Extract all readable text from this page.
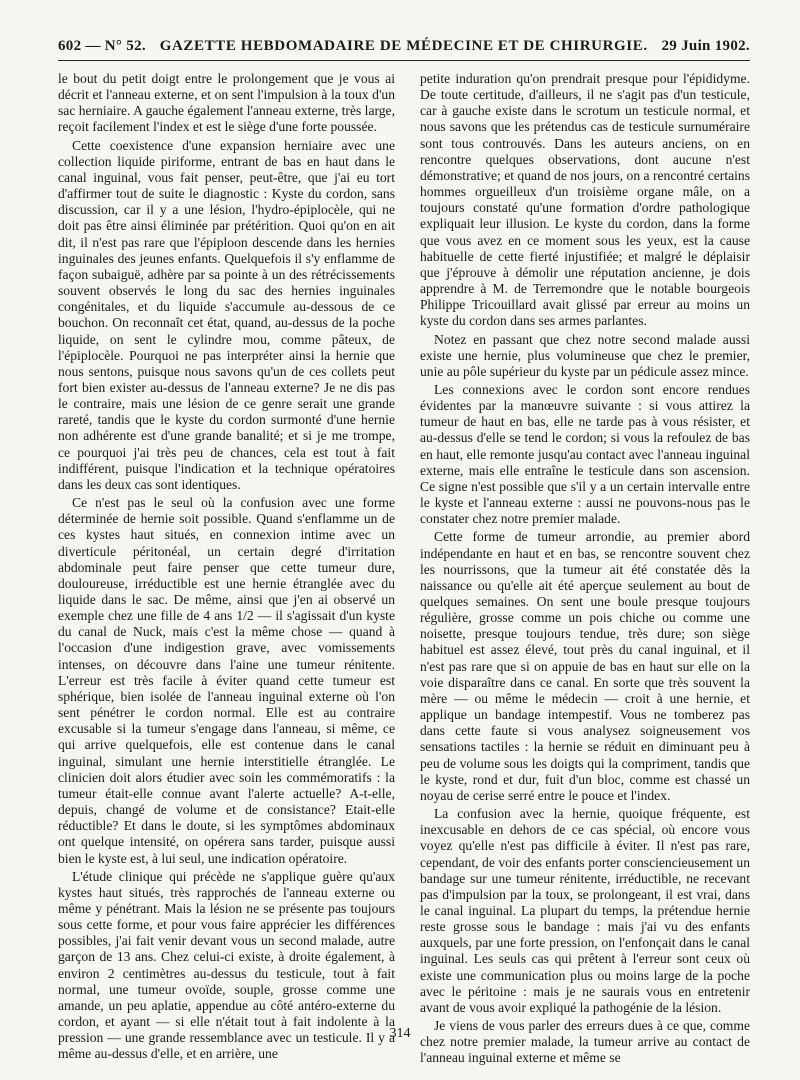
602 — N° 52. GAZETTE HEBDOMADAIRE DE MÉDECINE ET DE CHIRURGIE. 29 Juin 1902.

le bout du petit doigt entre le prolongement que je vous ai décrit et l'anneau externe, et on sent l'impulsion à la toux d'un sac herniaire. A gauche également l'anneau externe, très large, reçoit facilement l'index et est le siège d'une forte poussée.

Cette coexistence d'une expansion herniaire avec une collection liquide piriforme, entrant de bas en haut dans le canal inguinal, vous fait penser, peut-être, que j'ai eu tort d'affirmer tout de suite le diagnostic : Kyste du cordon, sans discussion, car il y a une lésion, l'hydro-épiplocèle, qui ne doit pas être ainsi éliminée par prétérition. Quoi qu'on en ait dit, il n'est pas rare que l'épiploon descende dans les hernies inguinales des jeunes enfants. Quelquefois il s'y enflamme de façon subaiguë, adhère par sa pointe à un des rétrécissements souvent observés le long du sac des hernies inguinales congénitales, et du liquide s'accumule au-dessous de ce bouchon. On reconnaît cet état, quand, au-dessus de la poche liquide, on sent le cylindre mou, comme pâteux, de l'épiplocèle. Pourquoi ne pas interpréter ainsi la hernie que nous sentons, puisque nous savons qu'un de ces collets peut fort bien exister au-dessus de l'anneau externe? Je ne dis pas le contraire, mais une lésion de ce genre serait une grande rareté, tandis que le kyste du cordon surmonté d'une hernie non adhérente est d'une grande banalité; et si je me trompe, ce pourquoi j'ai très peu de chances, cela est tout à fait indifférent, puisque l'indication et la technique opératoires dans les deux cas sont identiques.

Ce n'est pas le seul où la confusion avec une forme déterminée de hernie soit possible. Quand s'enflamme un de ces kystes haut situés, en connexion intime avec un diverticule péritonéal, un certain degré d'irritation abdominale peut faire penser que cette tumeur dure, douloureuse, irréductible est une hernie étranglée avec du liquide dans le sac. De même, ainsi que j'en ai observé un exemple chez une fille de 4 ans 1/2 — il s'agissait d'un kyste du canal de Nuck, mais c'est la même chose — quand à l'occasion d'une indigestion grave, avec vomissements intenses, on découvre dans l'aine une tumeur rénitente. L'erreur est très facile à éviter quand cette tumeur est sphérique, bien isolée de l'anneau inguinal externe où l'on sent pénétrer le cordon normal. Elle est au contraire excusable si la tumeur s'engage dans l'anneau, si même, ce qui arrive quelquefois, elle est contenue dans le canal inguinal, simulant une hernie interstitielle étranglée. Le clinicien doit alors étudier avec soin les commémoratifs : la tumeur était-elle connue avant l'alerte actuelle? A-t-elle, depuis, changé de volume et de consistance? Etait-elle réductible? Et dans le doute, si les symptômes abdominaux ont quelque intensité, on opérera sans tarder, puisque aussi bien le kyste est, à lui seul, une indication opératoire.

L'étude clinique qui précède ne s'applique guère qu'aux kystes haut situés, très rapprochés de l'anneau externe ou même y pénétrant. Mais la lésion ne se présente pas toujours sous cette forme, et pour vous faire apprécier les différences possibles, j'ai fait venir devant vous un second malade, autre garçon de 13 ans. Chez celui-ci existe, à droite également, à environ 2 centimètres au-dessus du testicule, tout à fait normal, une tumeur ovoïde, souple, grosse comme une amande, un peu aplatie, appendue au côté antéro-externe du cordon, et ayant — si elle n'était tout à fait indolente à la pression — une grande ressemblance avec un testicule. Il y a même au-dessus d'elle, et en arrière, une

petite induration qu'on prendrait presque pour l'épididyme. De toute certitude, d'ailleurs, il ne s'agit pas d'un testicule, car à gauche existe dans le scrotum un testicule normal, et nous savons que les prétendus cas de testicule surnuméraire sont tous controuvés. Dans les auteurs anciens, on en rencontre quelques observations, dont aucune n'est démonstrative; et quand de nos jours, on a rencontré certains hommes orgueilleux d'un troisième organe mâle, on a toujours constaté qu'une formation d'ordre pathologique expliquait leur illusion. Le kyste du cordon, dans la forme que vous avez en ce moment sous les yeux, est la cause habituelle de cette fierté injustifiée; et malgré le déplaisir que j'éprouve à démolir une réputation ancienne, je dois apprendre à M. de Terremondre que le notable bourgeois Philippe Tricouillard avait glissé par erreur au moins un kyste du cordon dans ses armes parlantes.

Notez en passant que chez notre second malade aussi existe une hernie, plus volumineuse que chez le premier, unie au pôle supérieur du kyste par un pédicule assez mince.

Les connexions avec le cordon sont encore rendues évidentes par la manœuvre suivante : si vous attirez la tumeur de haut en bas, elle ne tarde pas à vous résister, et au-dessus d'elle se tend le cordon; si vous la refoulez de bas en haut, elle remonte jusqu'au contact avec l'anneau inguinal externe, mais elle entraîne le testicule dans son ascension. Ce signe n'est possible que s'il y a un certain intervalle entre le kyste et l'anneau externe : aussi ne pouvons-nous pas le constater chez notre premier malade.

Cette forme de tumeur arrondie, au premier abord indépendante en haut et en bas, se rencontre souvent chez les nourrissons, que la tumeur ait été constatée dès la naissance ou qu'elle ait été aperçue seulement au bout de quelques semaines. On sent une boule presque toujours régulière, grosse comme un pois chiche ou comme une noisette, presque toujours tendue, très dure; son siège habituel est assez élevé, tout près du canal inguinal, et il n'est pas rare que si on appuie de bas en haut sur elle on la voie disparaître dans ce canal. En sorte que très souvent la mère — ou même le médecin — croit à une hernie, et applique un bandage intempestif. Vous ne tomberez pas dans cette faute si vous analysez soigneusement vos sensations tactiles : la hernie se réduit en diminuant peu à peu de volume sous les doigts qui la compriment, tandis que le kyste, rond et dur, fuit d'un bloc, comme est chassé un noyau de cerise serré entre le pouce et l'index.

La confusion avec la hernie, quoique fréquente, est inexcusable en dehors de ce cas spécial, où encore vous voyez qu'elle n'est pas difficile à éviter. Il n'est pas rare, cependant, de voir des enfants porter consciencieusement un bandage sur une tumeur rénitente, irréductible, ne recevant pas d'impulsion par la toux, se prolongeant, il est vrai, dans le canal inguinal. La plupart du temps, la prétendue hernie reste grosse sous le bandage : mais j'ai vu des enfants auxquels, par une forte pression, on l'enfonçait dans le canal inguinal. Les seuls cas qui prêtent à l'erreur sont ceux où existe une communication plus ou moins large de la poche avec le péritoine : mais je ne saurais vous en entretenir avant de vous avoir expliqué la pathogénie de la lésion.

Je viens de vous parler des erreurs dues à ce que, comme chez notre premier malade, la tumeur arrive au contact de l'anneau inguinal externe et même se

314
